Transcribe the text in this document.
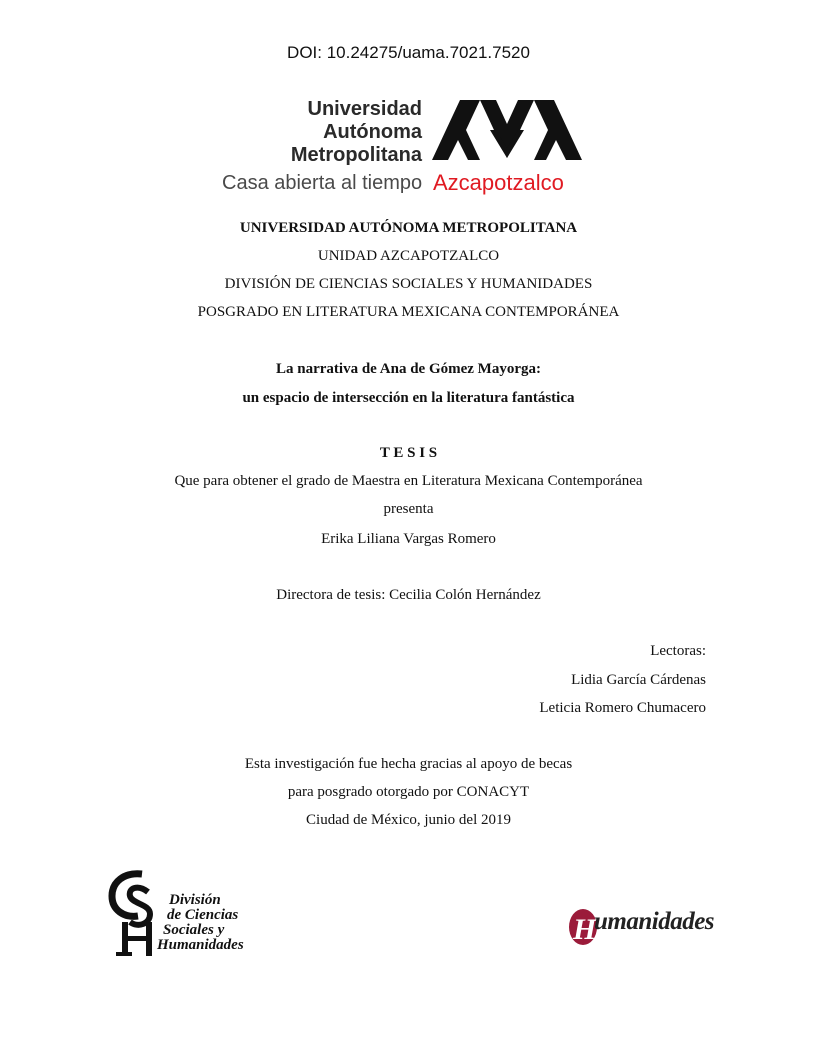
DOI: 10.24275/uama.7021.7520
Universidad
Autónoma
Metropolitana
Casa abierta al tiempo Azcapotzalco
UNIVERSIDAD AUTÓNOMA METROPOLITANA
UNIDAD AZCAPOTZALCO
DIVISIÓN DE CIENCIAS SOCIALES Y HUMANIDADES
POSGRADO EN LITERATURA MEXICANA CONTEMPORÁNEA
La narrativa de Ana de Gómez Mayorga:
un espacio de intersección en la literatura fantástica
T E S I S
Que para obtener el grado de Maestra en Literatura Mexicana Contemporánea
presenta
Erika Liliana Vargas Romero
Directora de tesis: Cecilia Colón Hernández
Lectoras:
Lidia García Cárdenas
Leticia Romero Chumacero
Esta investigación fue hecha gracias al apoyo de becas
para posgrado otorgado por CONACYT
Ciudad de México, junio del 2019
División
de Ciencias
Sociales y
Humanidades	H
umanidades
